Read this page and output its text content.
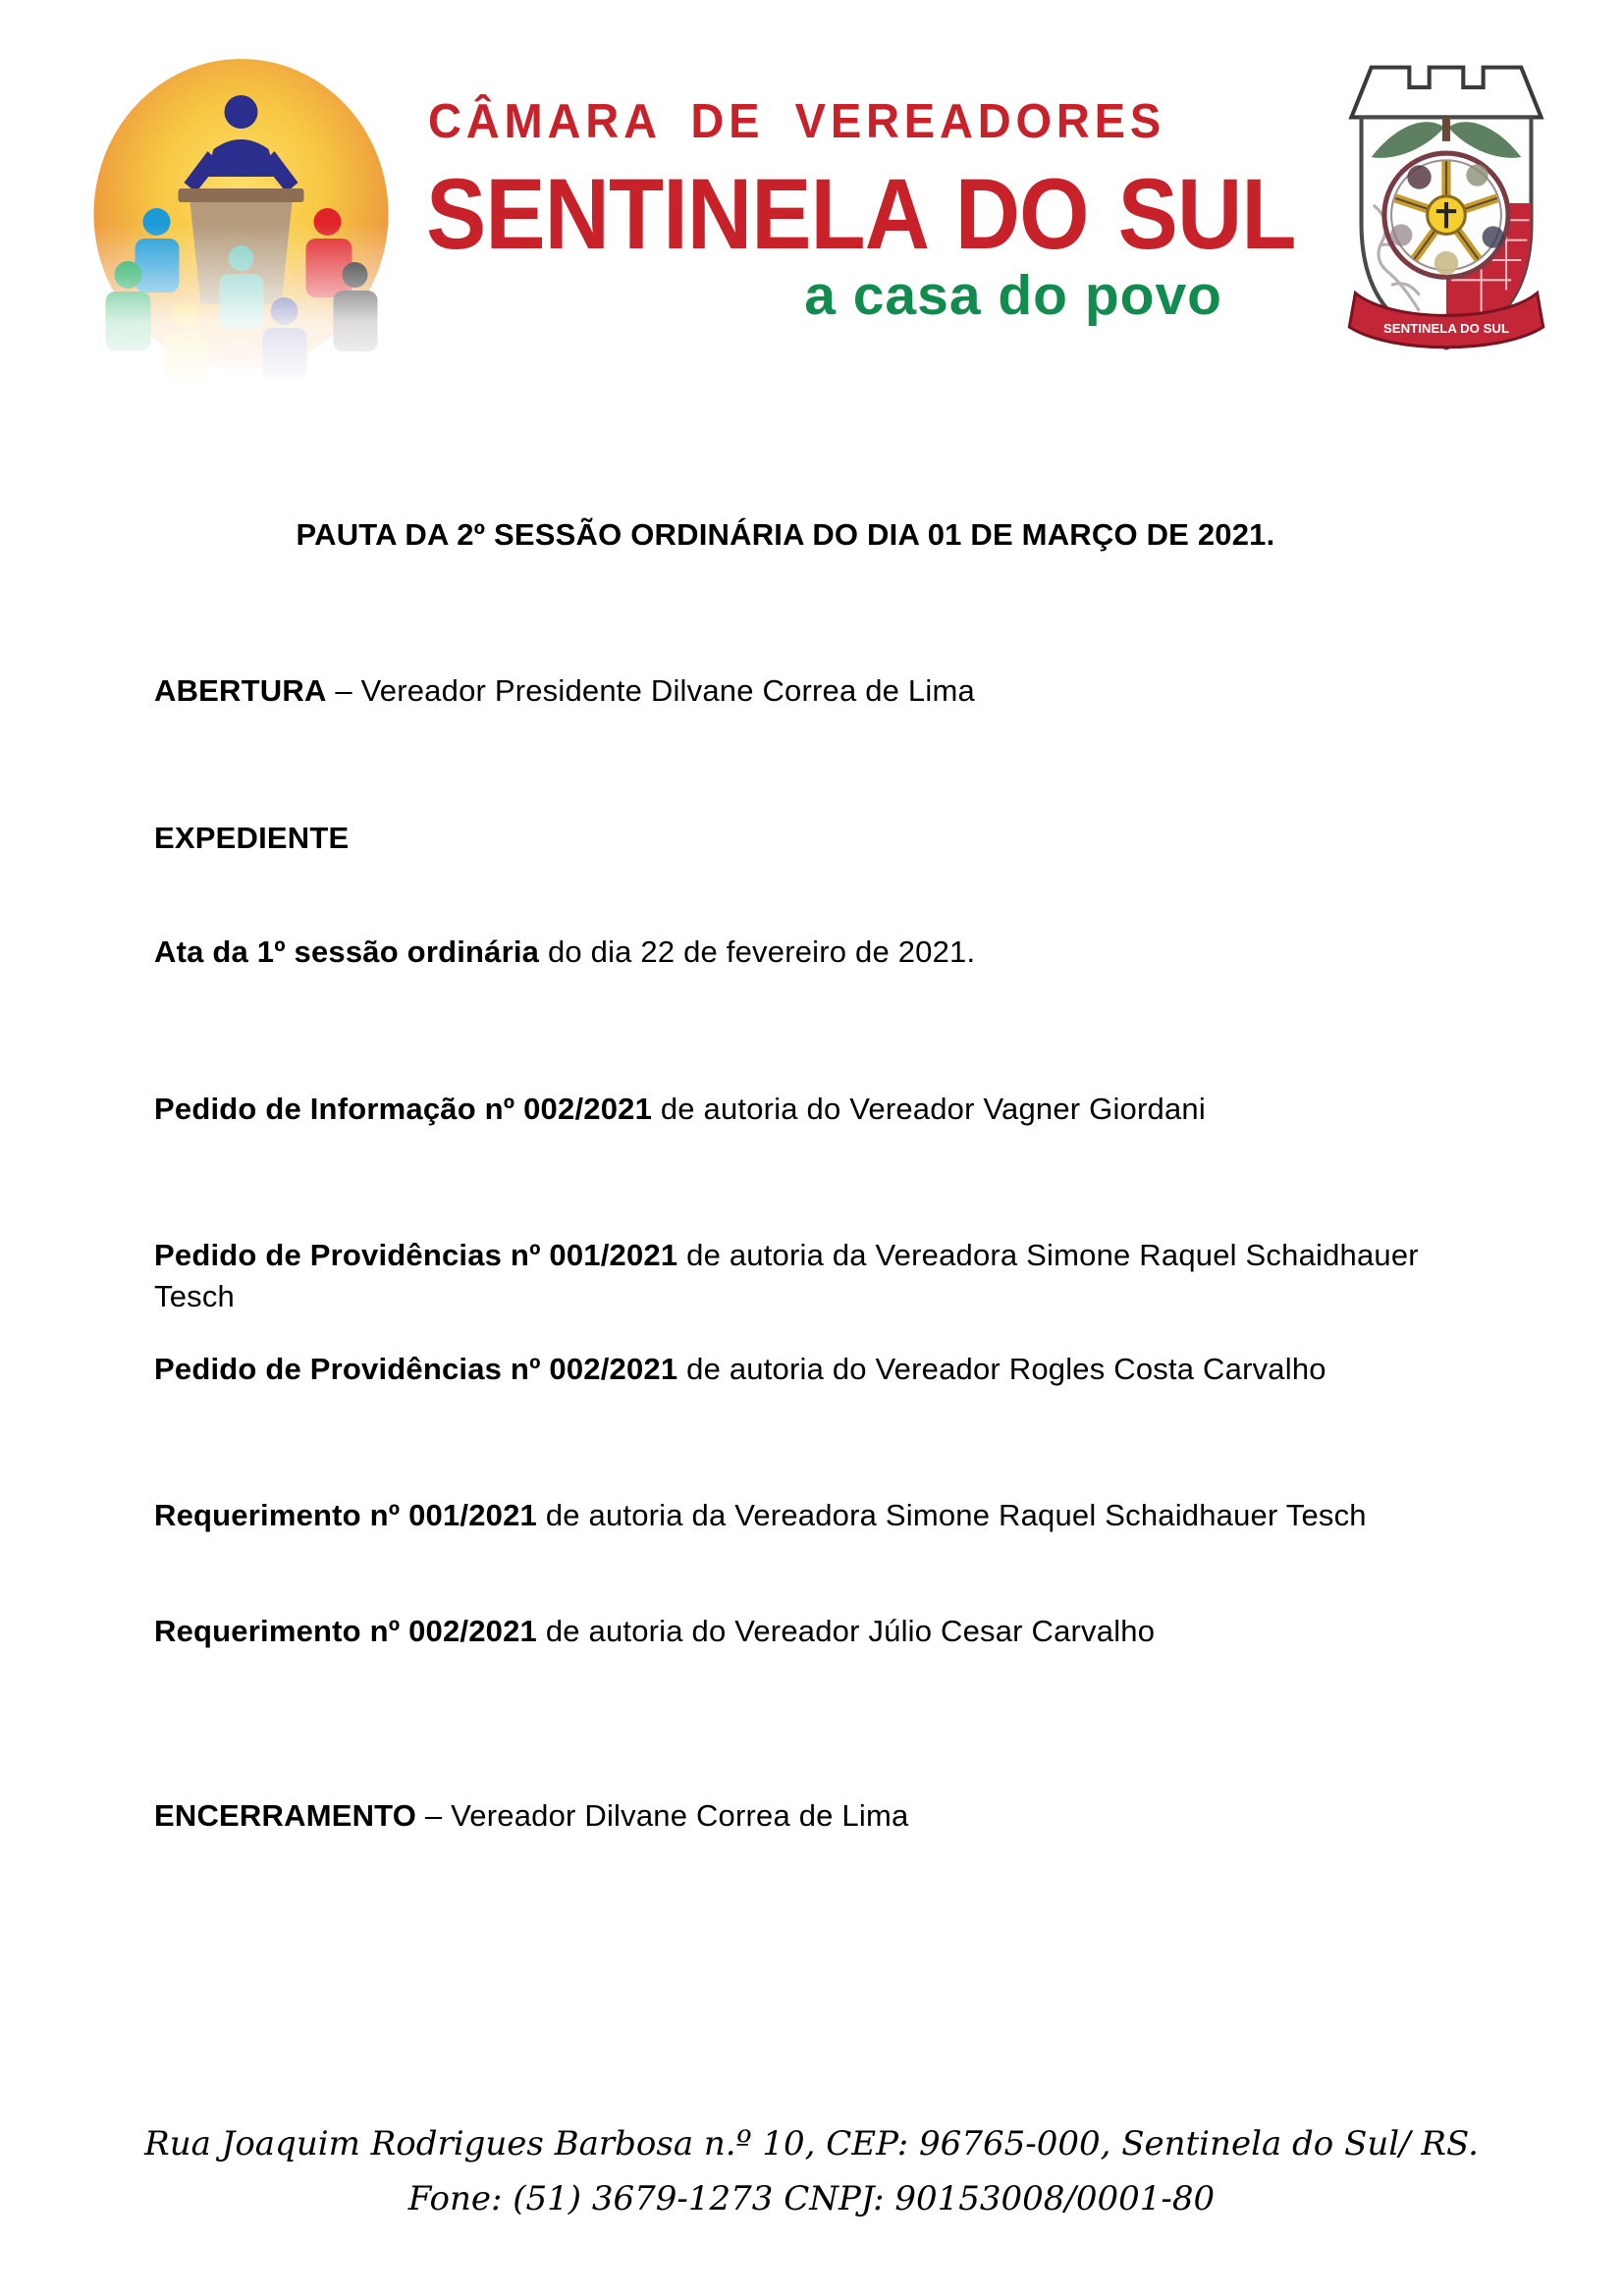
CÂMARA DE VEREADORES
SENTINELA DO SUL
a casa do povo
SENTINELA DO SUL

PAUTA DA 2º SESSÃO ORDINÁRIA DO DIA 01 DE MARÇO DE 2021.

ABERTURA – Vereador Presidente Dilvane Correa de Lima

EXPEDIENTE

Ata da 1º sessão ordinária do dia 22 de fevereiro de 2021.

Pedido de Informação nº 002/2021 de autoria do Vereador Vagner Giordani

Pedido de Providências nº 001/2021 de autoria da Vereadora Simone Raquel Schaidhauer Tesch

Pedido de Providências nº 002/2021 de autoria do Vereador Rogles Costa Carvalho

Requerimento nº 001/2021 de autoria da Vereadora Simone Raquel Schaidhauer Tesch

Requerimento nº 002/2021 de autoria do Vereador Júlio Cesar Carvalho

ENCERRAMENTO – Vereador Dilvane Correa de Lima

Rua Joaquim Rodrigues Barbosa n.º 10, CEP: 96765-000, Sentinela do Sul/ RS.
Fone: (51) 3679-1273 CNPJ: 90153008/0001-80
